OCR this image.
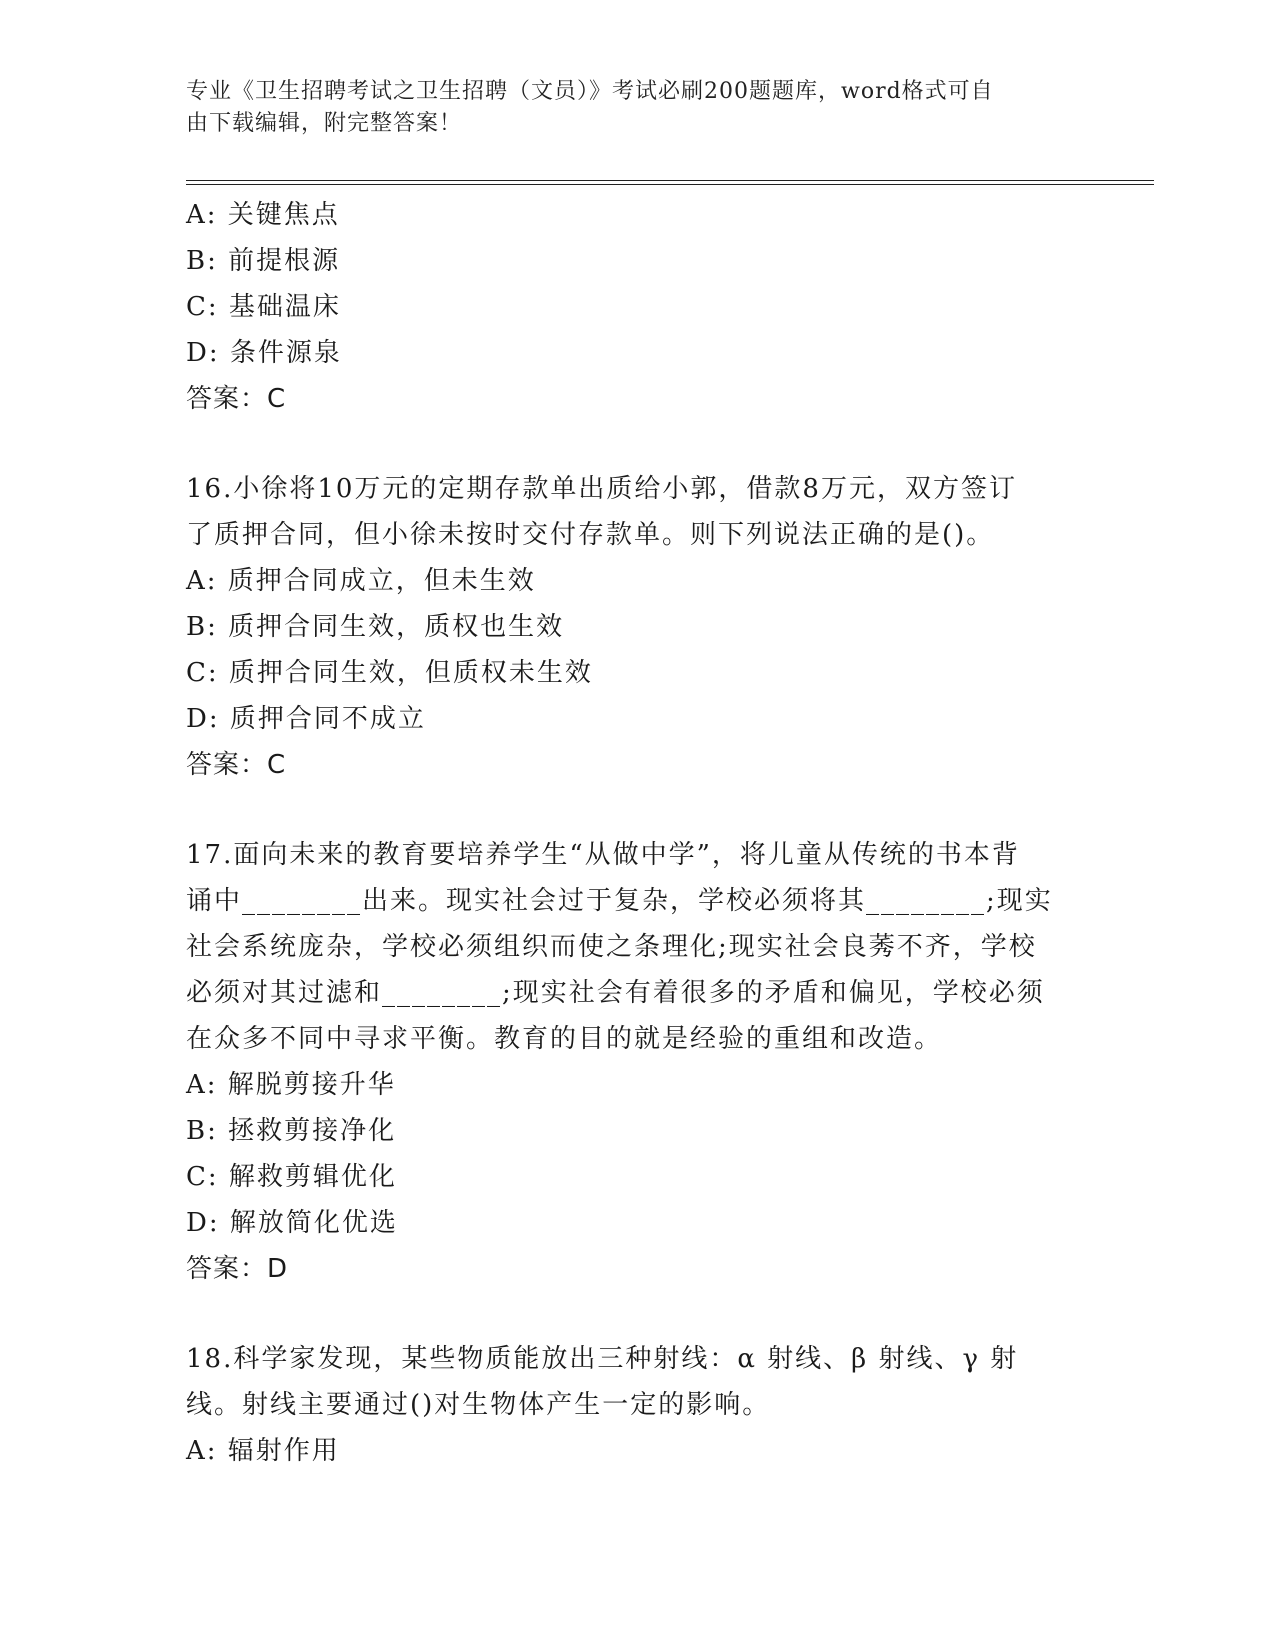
专业《卫生招聘考试之卫生招聘（文员）》考试必刷200题题库，word格式可自
由下载编辑，附完整答案！
A: 关键焦点
B: 前提根源
C: 基础温床
D: 条件源泉
答案：C
16.小徐将10万元的定期存款单出质给小郭，借款8万元，双方签订
了质押合同，但小徐未按时交付存款单。则下列说法正确的是()。
A: 质押合同成立，但未生效
B: 质押合同生效，质权也生效
C: 质押合同生效，但质权未生效
D: 质押合同不成立
答案：C
17.面向未来的教育要培养学生“从做中学”，将儿童从传统的书本背
诵中________出来。现实社会过于复杂，学校必须将其________;现实
社会系统庞杂，学校必须组织而使之条理化;现实社会良莠不齐，学校
必须对其过滤和________;现实社会有着很多的矛盾和偏见，学校必须
在众多不同中寻求平衡。教育的目的就是经验的重组和改造。
A: 解脱剪接升华
B: 拯救剪接净化
C: 解救剪辑优化
D: 解放简化优选
答案：D
18.科学家发现，某些物质能放出三种射线：α 射线、β 射线、γ 射
线。射线主要通过()对生物体产生一定的影响。
A: 辐射作用
